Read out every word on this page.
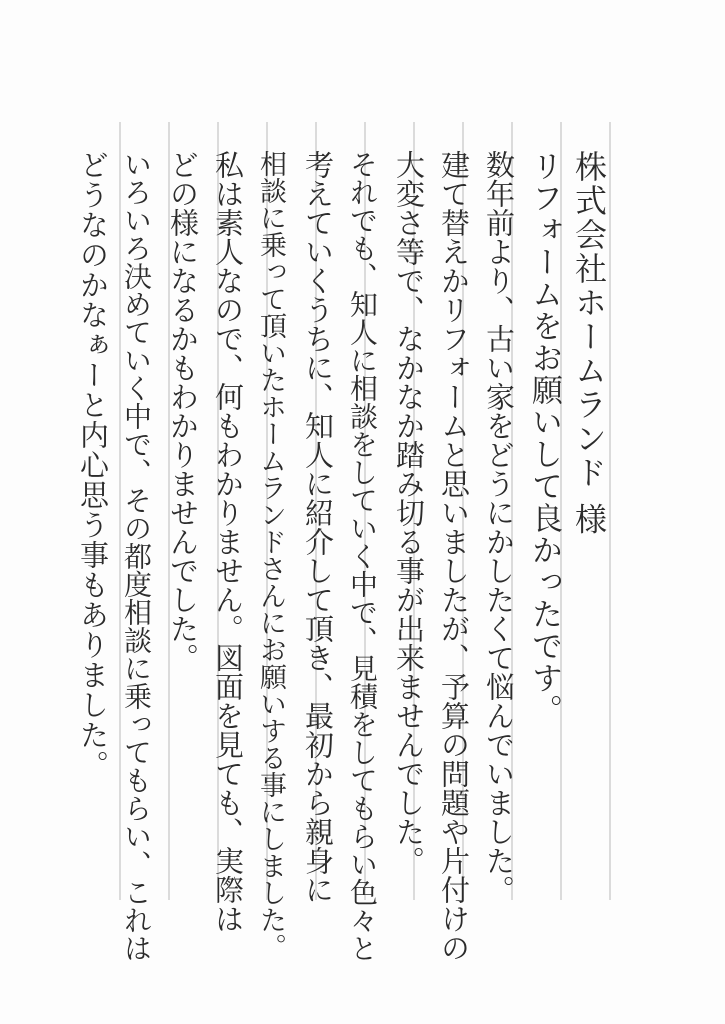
株式会社ホームランド 様
リフォームをお願いして良かったです。
数年前より、古い家をどうにかしたくて悩んでいました。
建て替えかリフォームと思いましたが、予算の問題や片付けの
大変さ等で、なかなか踏み切る事が出来ませんでした。
それでも、知人に相談をしていく中で、見積をしてもらい色々と
考えていくうちに、知人に紹介して頂き、最初から親身に
相談に乗って頂いたホームランドさんにお願いする事にしました。
私は素人なので、何もわかりません。図面を見ても、実際は
どの様になるかもわかりませんでした。
いろいろ決めていく中で、その都度相談に乗ってもらい、これは
どうなのかなぁーと内心思う事もありました。
